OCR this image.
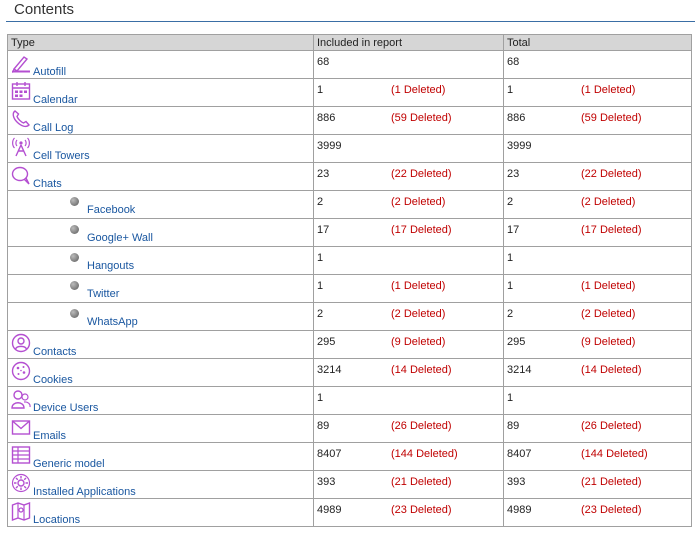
Contents
Type	Included in report	Total

Autofill	68	68

Calendar	1 (1 Deleted)	1 (1 Deleted)

Call Log	886 (59 Deleted)	886 (59 Deleted)

Cell Towers	3999	3999

Chats	23 (22 Deleted)	23 (22 Deleted)

Facebook	2 (2 Deleted)	2 (2 Deleted)

Google+ Wall	17 (17 Deleted)	17 (17 Deleted)

Hangouts	1	1

Twitter	1 (1 Deleted)	1 (1 Deleted)

WhatsApp	2 (2 Deleted)	2 (2 Deleted)

Contacts	295 (9 Deleted)	295 (9 Deleted)

Cookies	3214 (14 Deleted)	3214 (14 Deleted)

Device Users	1	1

Emails	89 (26 Deleted)	89 (26 Deleted)

Generic model	8407 (144 Deleted)	8407 (144 Deleted)

Installed Applications	393 (21 Deleted)	393 (21 Deleted)

Locations	4989 (23 Deleted)	4989 (23 Deleted)
